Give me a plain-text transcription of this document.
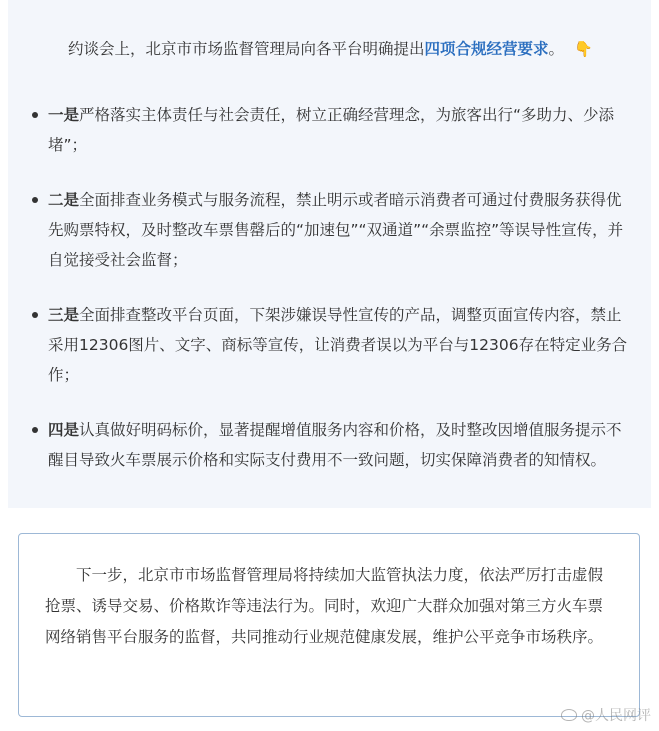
约谈会上，北京市市场监督管理局向各平台明确提出四项合规经营要求。 👇

一是严格落实主体责任与社会责任，树立正确经营理念，为旅客出行“多助力、少添堵”；
二是全面排查业务模式与服务流程，禁止明示或者暗示消费者可通过付费服务获得优先购票特权，及时整改车票售罄后的“加速包”“双通道”“余票监控”等误导性宣传，并自觉接受社会监督；
三是全面排查整改平台页面，下架涉嫌误导性宣传的产品，调整页面宣传内容，禁止采用12306图片、文字、商标等宣传，让消费者误以为平台与12306存在特定业务合作；
四是认真做好明码标价，显著提醒增值服务内容和价格，及时整改因增值服务提示不醒目导致火车票展示价格和实际支付费用不一致问题，切实保障消费者的知情权。

下一步，北京市市场监督管理局将持续加大监管执法力度，依法严厉打击虚假抢票、诱导交易、价格欺诈等违法行为。同时，欢迎广大群众加强对第三方火车票网络销售平台服务的监督，共同推动行业规范健康发展，维护公平竞争市场秩序。

@人民网评
